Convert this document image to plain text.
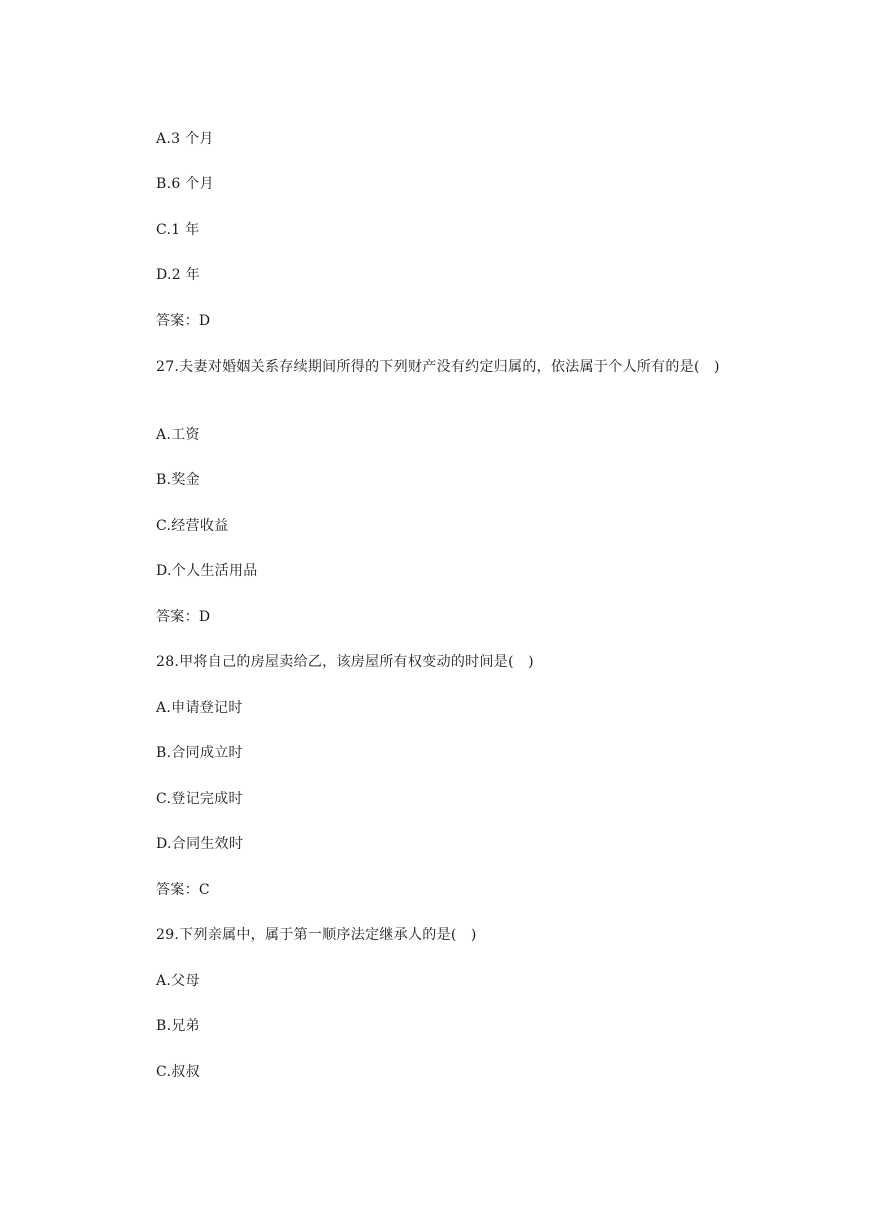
A.3 个月
B.6 个月
C.1 年
D.2 年
答案：D
27.夫妻对婚姻关系存续期间所得的下列财产没有约定归属的，依法属于个人所有的是(　)
A.工资
B.奖金
C.经营收益
D.个人生活用品
答案：D
28.甲将自己的房屋卖给乙，该房屋所有权变动的时间是(　)
A.申请登记时
B.合同成立时
C.登记完成时
D.合同生效时
答案：C
29.下列亲属中，属于第一顺序法定继承人的是(　)
A.父母
B.兄弟
C.叔叔
